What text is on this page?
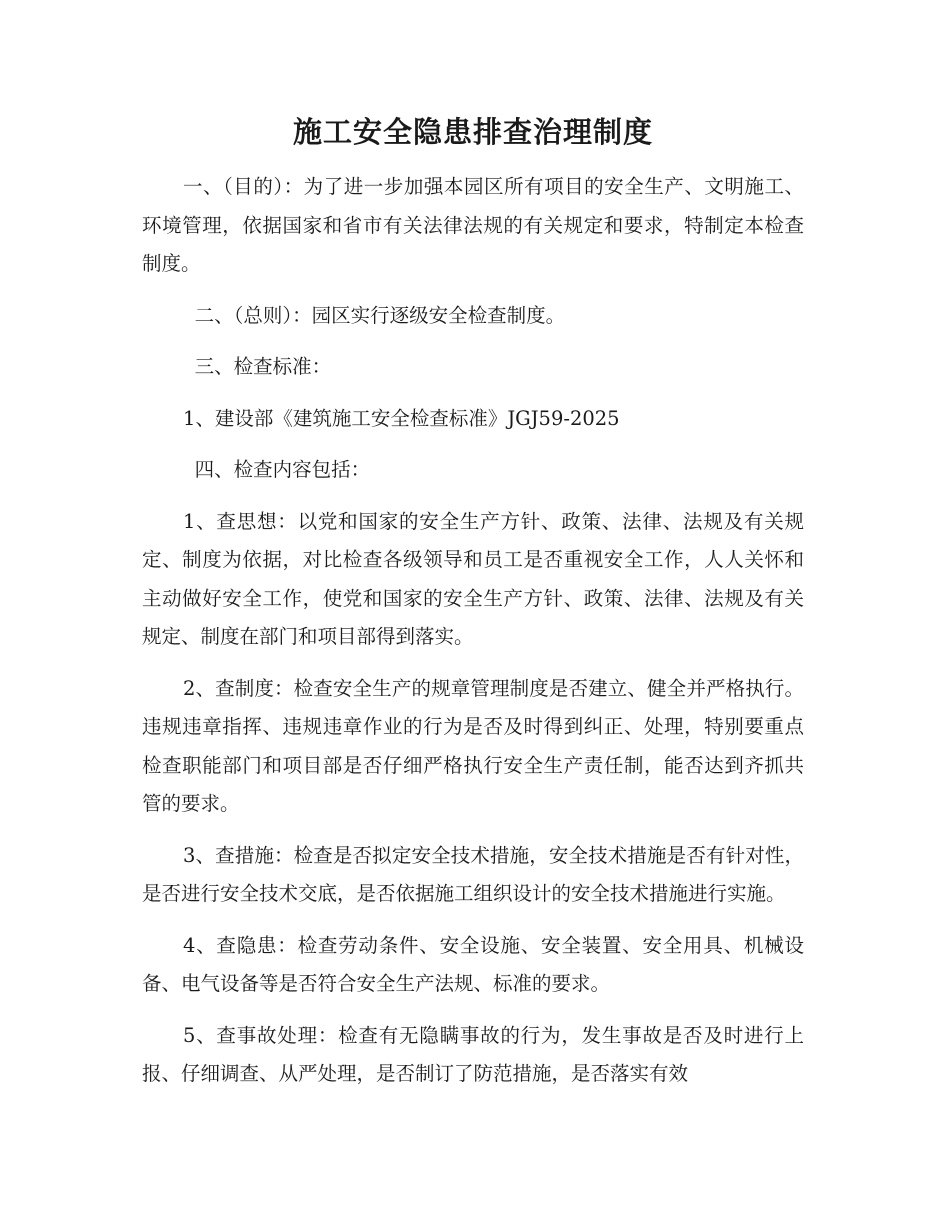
施工安全隐患排查治理制度

一、（目的）：为了进一步加强本园区所有项目的安全生产、文明施工、环境管理，依据国家和省市有关法律法规的有关规定和要求，特制定本检查制度。

二、（总则）：园区实行逐级安全检查制度。

三、检查标准：

1、建设部《建筑施工安全检查标准》JGJ59-2025

四、检查内容包括：

1、查思想：以党和国家的安全生产方针、政策、法律、法规及有关规定、制度为依据，对比检查各级领导和员工是否重视安全工作，人人关怀和主动做好安全工作，使党和国家的安全生产方针、政策、法律、法规及有关规定、制度在部门和项目部得到落实。

2、查制度：检查安全生产的规章管理制度是否建立、健全并严格执行。违规违章指挥、违规违章作业的行为是否及时得到纠正、处理，特别要重点检查职能部门和项目部是否仔细严格执行安全生产责任制，能否达到齐抓共管的要求。

3、查措施：检查是否拟定安全技术措施，安全技术措施是否有针对性，是否进行安全技术交底，是否依据施工组织设计的安全技术措施进行实施。

4、查隐患：检查劳动条件、安全设施、安全装置、安全用具、机械设备、电气设备等是否符合安全生产法规、标准的要求。

5、查事故处理：检查有无隐瞒事故的行为，发生事故是否及时进行上报、仔细调查、从严处理，是否制订了防范措施，是否落实有效
